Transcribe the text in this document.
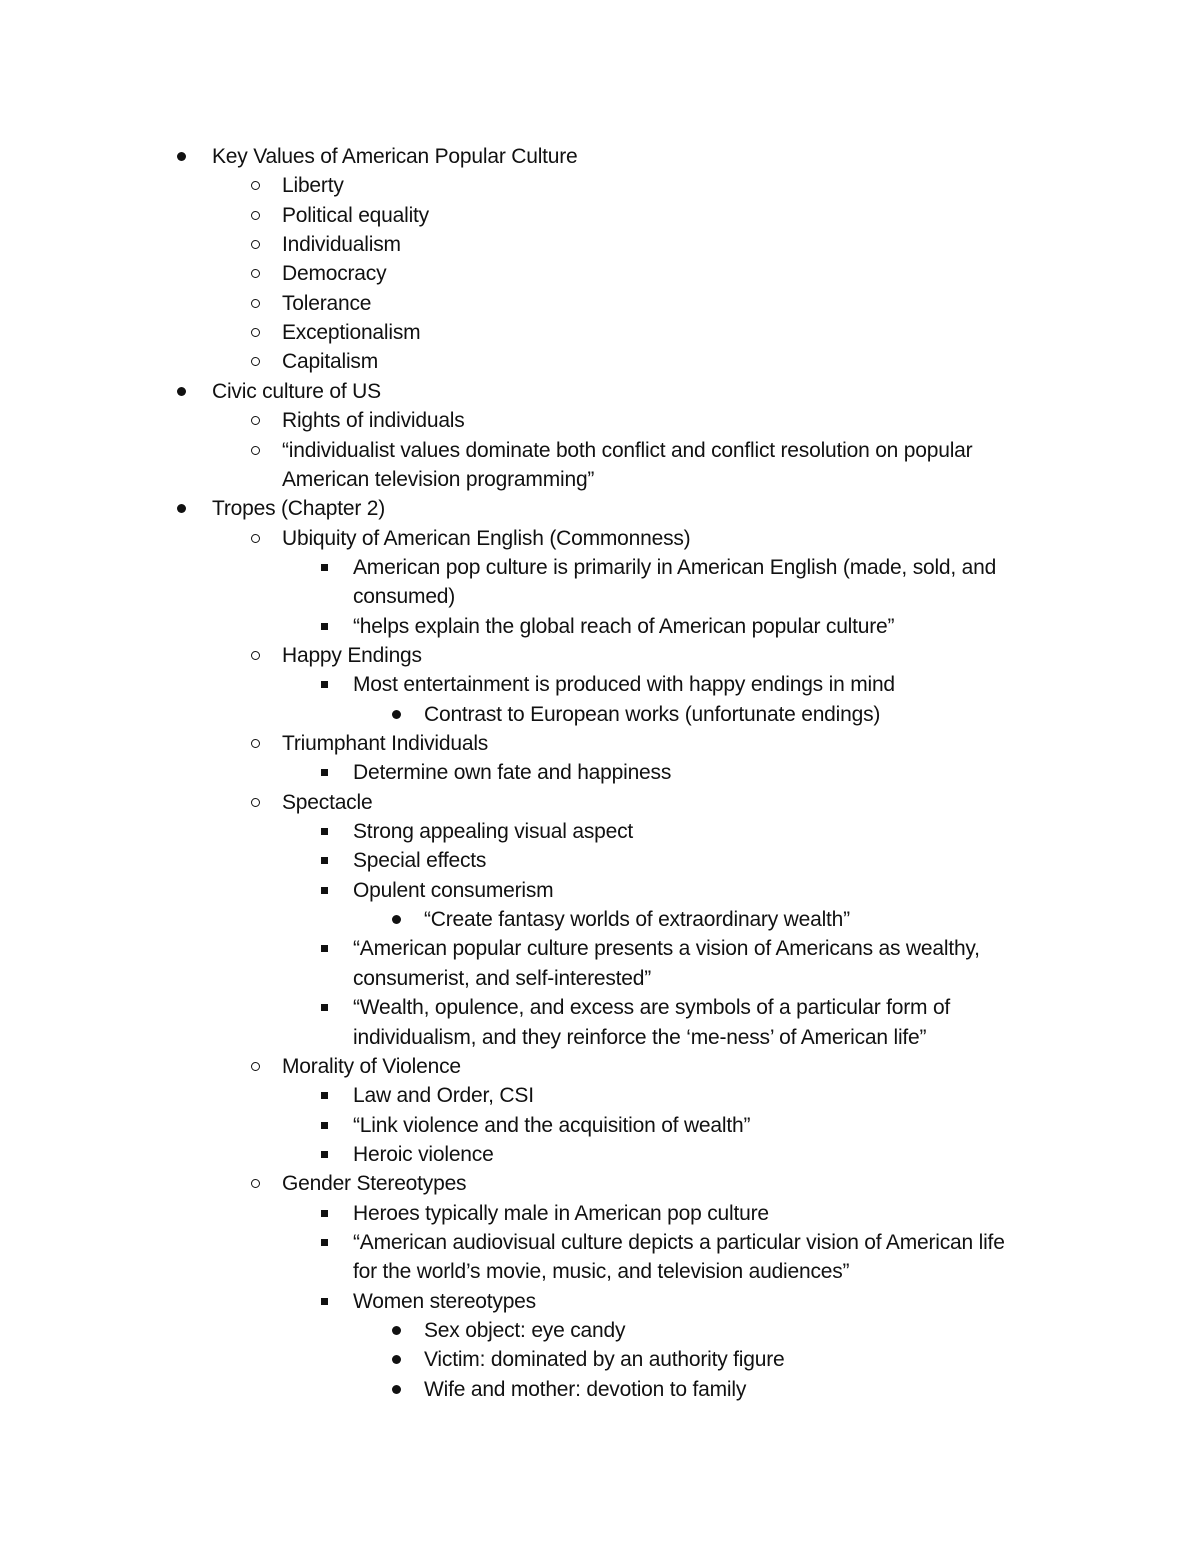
Key Values of American Popular Culture
Liberty
Political equality
Individualism
Democracy
Tolerance
Exceptionalism
Capitalism
Civic culture of US
Rights of individuals
“individualist values dominate both conflict and conflict resolution on popular
American television programming”
Tropes (Chapter 2)
Ubiquity of American English (Commonness)
American pop culture is primarily in American English (made, sold, and
consumed)
“helps explain the global reach of American popular culture”
Happy Endings
Most entertainment is produced with happy endings in mind
Contrast to European works (unfortunate endings)
Triumphant Individuals
Determine own fate and happiness
Spectacle
Strong appealing visual aspect
Special effects
Opulent consumerism
“Create fantasy worlds of extraordinary wealth”
“American popular culture presents a vision of Americans as wealthy,
consumerist, and self-interested”
“Wealth, opulence, and excess are symbols of a particular form of
individualism, and they reinforce the ‘me-ness’ of American life”
Morality of Violence
Law and Order, CSI
“Link violence and the acquisition of wealth”
Heroic violence
Gender Stereotypes
Heroes typically male in American pop culture
“American audiovisual culture depicts a particular vision of American life
for the world’s movie, music, and television audiences”
Women stereotypes
Sex object: eye candy
Victim: dominated by an authority figure
Wife and mother: devotion to family
